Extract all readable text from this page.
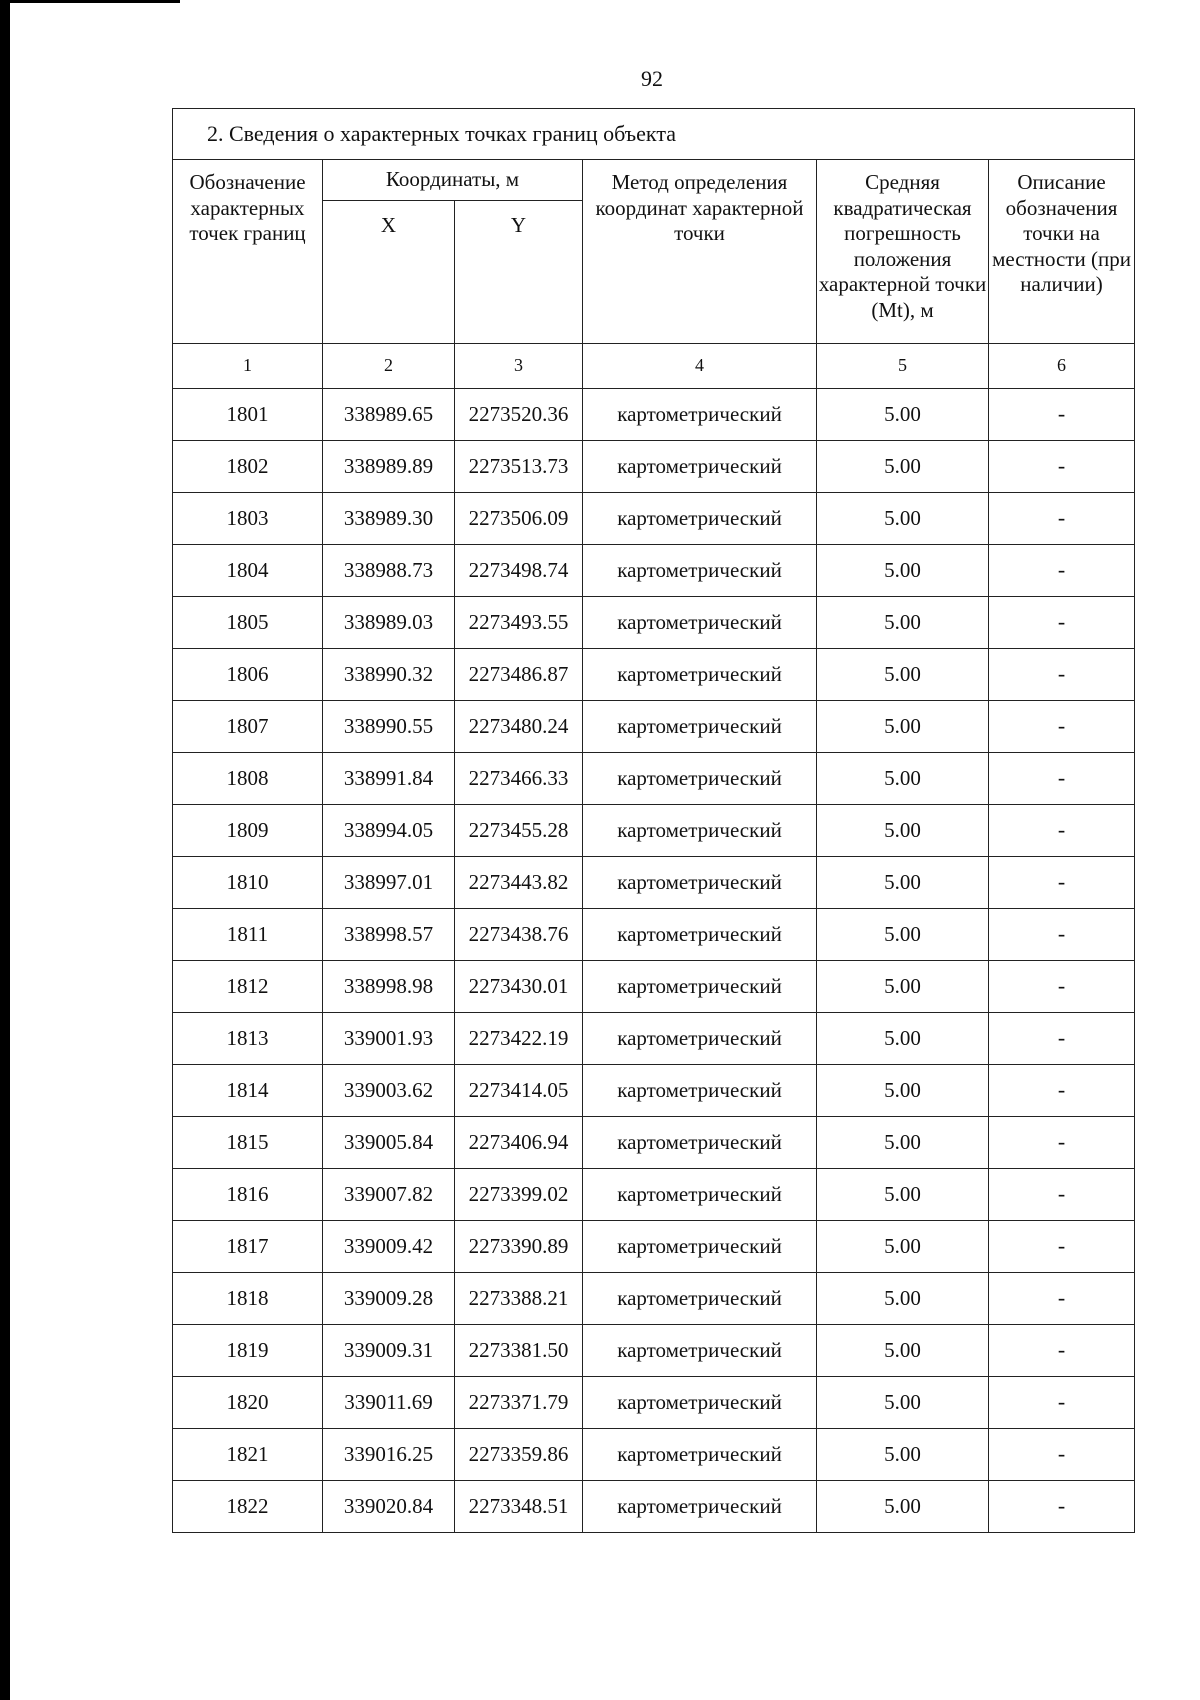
92
2. Сведения о характерных точках границ объекта					
Обозначение характерных точек границ	Координаты, м		Метод определения координат характерной точки	Средняя квадратическая погрешность положения характерной точки (Mt), м	Описание обозначения точки на местности (при наличии)
	X	Y			
1	2	3	4	5	6
1801	338989.65	2273520.36	картометрический	5.00	-
1802	338989.89	2273513.73	картометрический	5.00	-
1803	338989.30	2273506.09	картометрический	5.00	-
1804	338988.73	2273498.74	картометрический	5.00	-
1805	338989.03	2273493.55	картометрический	5.00	-
1806	338990.32	2273486.87	картометрический	5.00	-
1807	338990.55	2273480.24	картометрический	5.00	-
1808	338991.84	2273466.33	картометрический	5.00	-
1809	338994.05	2273455.28	картометрический	5.00	-
1810	338997.01	2273443.82	картометрический	5.00	-
1811	338998.57	2273438.76	картометрический	5.00	-
1812	338998.98	2273430.01	картометрический	5.00	-
1813	339001.93	2273422.19	картометрический	5.00	-
1814	339003.62	2273414.05	картометрический	5.00	-
1815	339005.84	2273406.94	картометрический	5.00	-
1816	339007.82	2273399.02	картометрический	5.00	-
1817	339009.42	2273390.89	картометрический	5.00	-
1818	339009.28	2273388.21	картометрический	5.00	-
1819	339009.31	2273381.50	картометрический	5.00	-
1820	339011.69	2273371.79	картометрический	5.00	-
1821	339016.25	2273359.86	картометрический	5.00	-
1822	339020.84	2273348.51	картометрический	5.00	-
